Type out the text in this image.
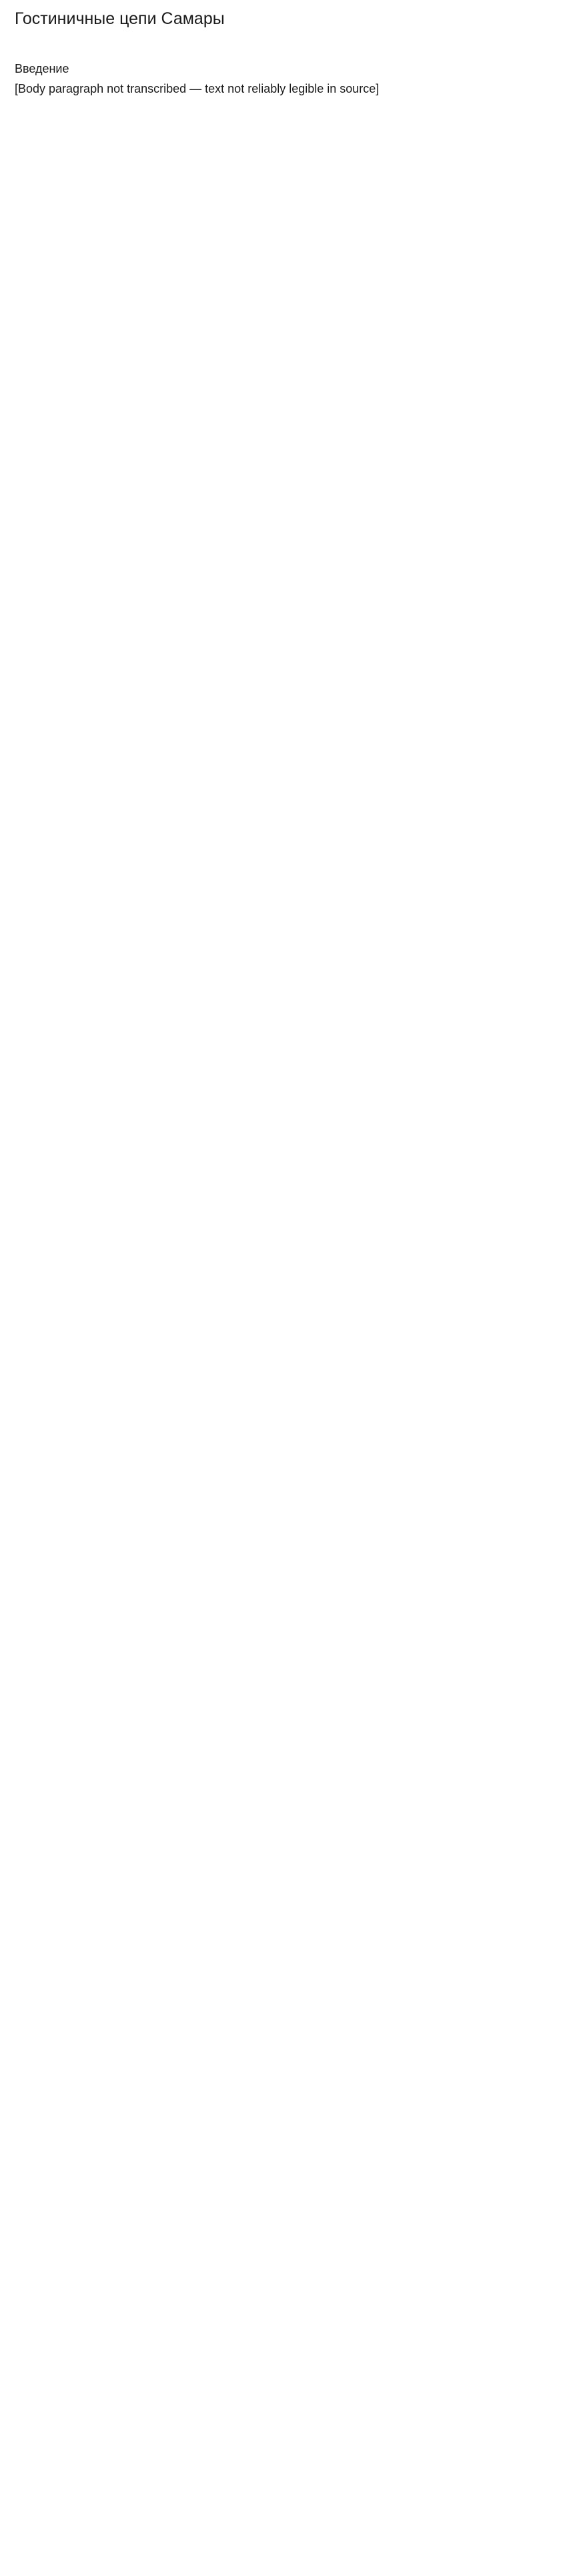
Гостиничные цепи Самары
Введение

[Body paragraph not transcribed — text not reliably legible in source]
